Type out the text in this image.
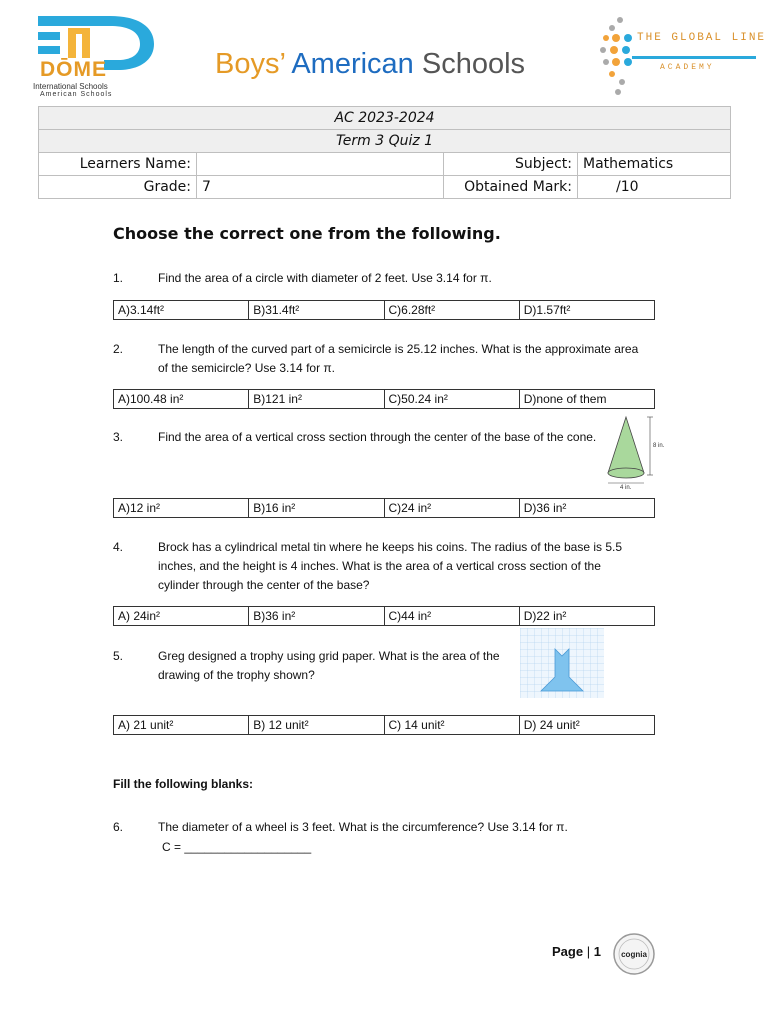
DŌME
International Schools
American Schools
Boys’ American Schools
THE GLOBAL LINE
ACADEMY
AC 2023-2024			
Term 3 Quiz 1			
Learners Name:		Subject:	Mathematics
Grade:	7	Obtained Mark:	/10
Choose the correct one from the following.
1.	Find the area of a circle with diameter of 2 feet. Use 3.14 for π.
A)3.14ft²	B)31.4ft²	C)6.28ft²	D)1.57ft²
2.	The length of the curved part of a semicircle is 25.12 inches. What is the approximate area of the semicircle? Use 3.14 for π.
A)100.48 in²	B)121 in²	C)50.24 in²	D)none of them
3.	Find the area of a vertical cross section through the center of the base of the cone.
8 in.
4 in.
A)12 in²	B)16 in²	C)24 in²	D)36 in²
4.	Brock has a cylindrical metal tin where he keeps his coins. The radius of the base is 5.5 inches, and the height is 4 inches. What is the area of a vertical cross section of the cylinder through the center of the base?
A) 24in²	B)36 in²	C)44 in²	D)22 in²
5.	Greg designed a trophy using grid paper. What is the area of the drawing of the trophy shown?
A) 21 unit²	B) 12 unit²	C) 14 unit²	D) 24 unit²
Fill the following blanks:
6.	The diameter of a wheel is 3 feet. What is the circumference? Use 3.14 for π.
C = ___________________
Page | 1	cognia
